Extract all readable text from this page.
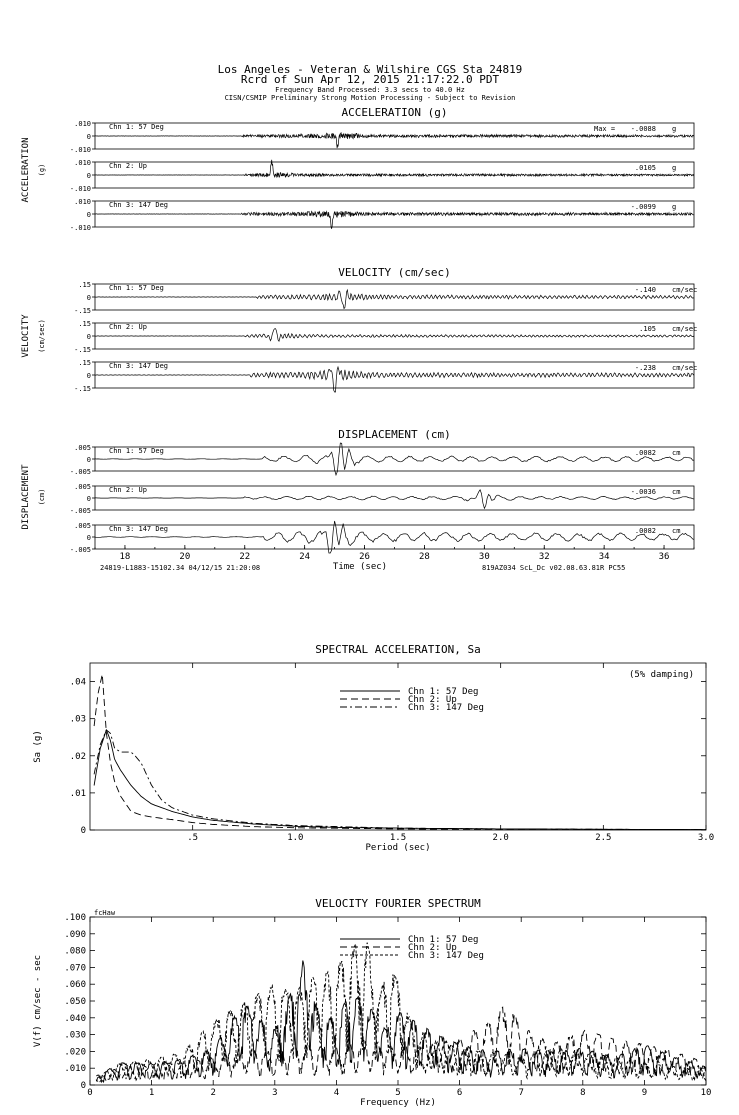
Los Angeles - Veteran & Wilshire CGS Sta 24819
Rcrd of Sun Apr 12, 2015 21:17:22.0 PDT
Frequency Band Processed: 3.3 secs to 40.0 Hz
CISN/CSMIP Preliminary Strong Motion Processing - Subject to Revision
ACCELERATION (g)
ACCELERATION (g)
.010
0
-.010
Chn 1: 57 Deg	Max = -.0088 g
.010
0
-.010
Chn 2: Up	.0105 g
.010
0
-.010
Chn 3: 147 Deg	-.0099 g
VELOCITY (cm/sec)
VELOCITY (cm/sec)
.15
0
-.15
Chn 1: 57 Deg	-.140 cm/sec
.15
0
-.15
Chn 2: Up	.105 cm/sec
.15
0
-.15
Chn 3: 147 Deg	-.238 cm/sec
DISPLACEMENT (cm)
DISPLACEMENT (cm)
.005
0
-.005
Chn 1: 57 Deg	.0082 cm
.005
0
-.005
Chn 2: Up	-.0036 cm
.005
0
-.005
Chn 3: 147 Deg	.0082 cm
18	20	22	24	26	28	30	32	34	36
Time (sec)
24819-L1883-15102.34 04/12/15 21:20:08	819AZ034 ScL_Dc v02.08.63.81R PC55
SPECTRAL ACCELERATION, Sa
Period (sec)
Sa (g)
(5% damping)
.5	1.0	1.5	2.0	2.5	3.0
.04
.03
.02
.01
0
Chn 1: 57 Deg
Chn 2: Up
Chn 3: 147 Deg
VELOCITY FOURIER SPECTRUM
Frequency (Hz)
V(f) cm/sec - sec
fcHaw
0	1	2	3	4	5	6	7	8	9	10
.100
.090
.080
.070
.060
.050
.040
.030
.020
.010
0
Chn 1: 57 Deg
Chn 2: Up
Chn 3: 147 Deg
